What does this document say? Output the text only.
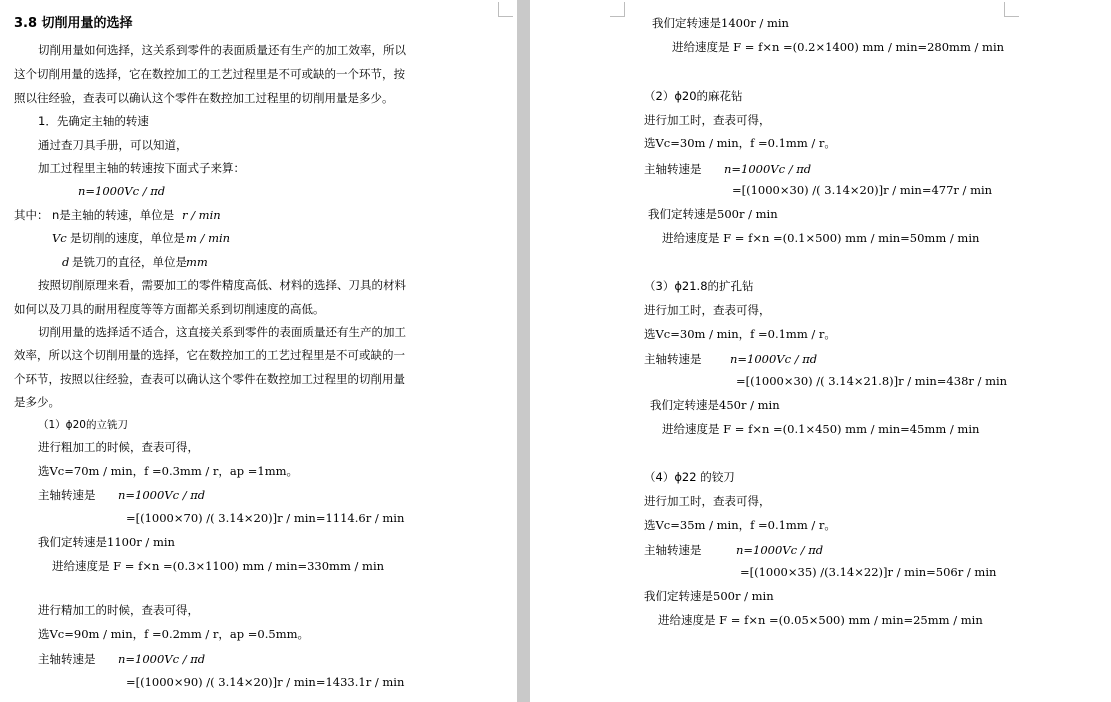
3.8 切削用量的选择
切削用量如何选择，这关系到零件的表面质量还有生产的加工效率，所以
这个切削用量的选择，它在数控加工的工艺过程里是不可或缺的一个环节，按
照以往经验，查表可以确认这个零件在数控加工过程里的切削用量是多少。
1．先确定主轴的转速
通过查刀具手册，可以知道，
加工过程里主轴的转速按下面式子来算：
n=1000Vc / πd
其中： n是主轴的转速，单位是 r / min
Vc 是切削的速度，单位是 m / min
d 是铣刀的直径，单位是 mm
按照切削原理来看，需要加工的零件精度高低、材料的选择、刀具的材料
如何以及刀具的耐用程度等等方面都关系到切削速度的高低。
切削用量的选择适不适合，这直接关系到零件的表面质量还有生产的加工
效率，所以这个切削用量的选择，它在数控加工的工艺过程里是不可或缺的一
个环节，按照以往经验，查表可以确认这个零件在数控加工过程里的切削用量
是多少。
（1）ϕ20的立铣刀
进行粗加工的时候，查表可得，
选Vc=70m / min，f =0.3mm / r，ap =1mm。
主轴转速是 n=1000Vc / πd
=[(1000×70) /( 3.14×20)]r / min=1114.6r / min
我们定转速是1100r / min
进给速度是 F = f×n =(0.3×1100) mm / min=330mm / min
进行精加工的时候，查表可得，
选Vc=90m / min，f =0.2mm / r，ap =0.5mm。
主轴转速是 n=1000Vc / πd
=[(1000×90) /( 3.14×20)]r / min=1433.1r / min
我们定转速是1400r / min
进给速度是 F = f×n =(0.2×1400) mm / min=280mm / min
（2）ϕ20的麻花钻
进行加工时，查表可得，
选Vc=30m / min，f =0.1mm / r。
主轴转速是 n=1000Vc / πd
=[(1000×30) /( 3.14×20)]r / min=477r / min
我们定转速是500r / min
进给速度是 F = f×n =(0.1×500) mm / min=50mm / min
（3）ϕ21.8的扩孔钻
进行加工时，查表可得，
选Vc=30m / min，f =0.1mm / r。
主轴转速是 n=1000Vc / πd
=[(1000×30) /( 3.14×21.8)]r / min=438r / min
我们定转速是450r / min
进给速度是 F = f×n =(0.1×450) mm / min=45mm / min
（4）ϕ22 的铰刀
进行加工时，查表可得，
选Vc=35m / min，f =0.1mm / r。
主轴转速是	n=1000Vc / πd
=[(1000×35) /(3.14×22)]r / min=506r / min
我们定转速是500r / min
进给速度是 F = f×n =(0.05×500) mm / min=25mm / min
